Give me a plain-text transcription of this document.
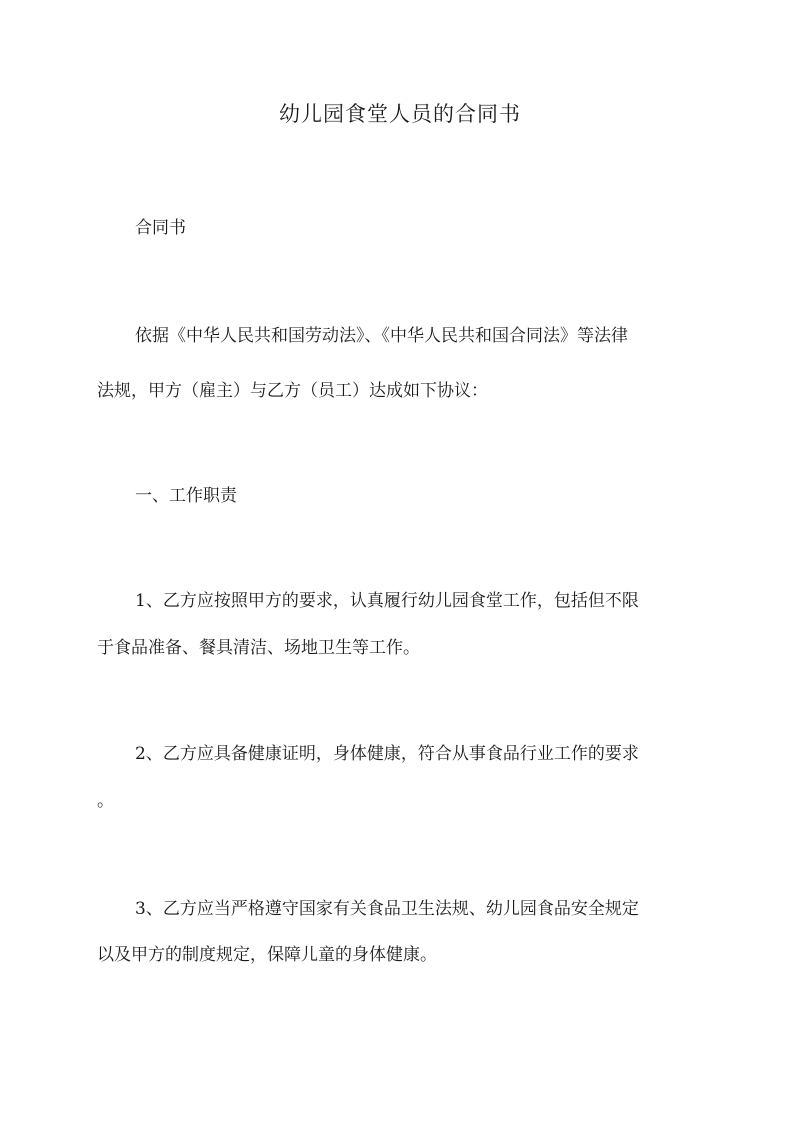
幼儿园食堂人员的合同书
合同书
依据《中华人民共和国劳动法》、《中华人民共和国合同法》等法律
法规，甲方（雇主）与乙方（员工）达成如下协议：
一、工作职责
1、乙方应按照甲方的要求，认真履行幼儿园食堂工作，包括但不限
于食品准备、餐具清洁、场地卫生等工作。
2、乙方应具备健康证明，身体健康，符合从事食品行业工作的要求
。
3、乙方应当严格遵守国家有关食品卫生法规、幼儿园食品安全规定
以及甲方的制度规定，保障儿童的身体健康。
